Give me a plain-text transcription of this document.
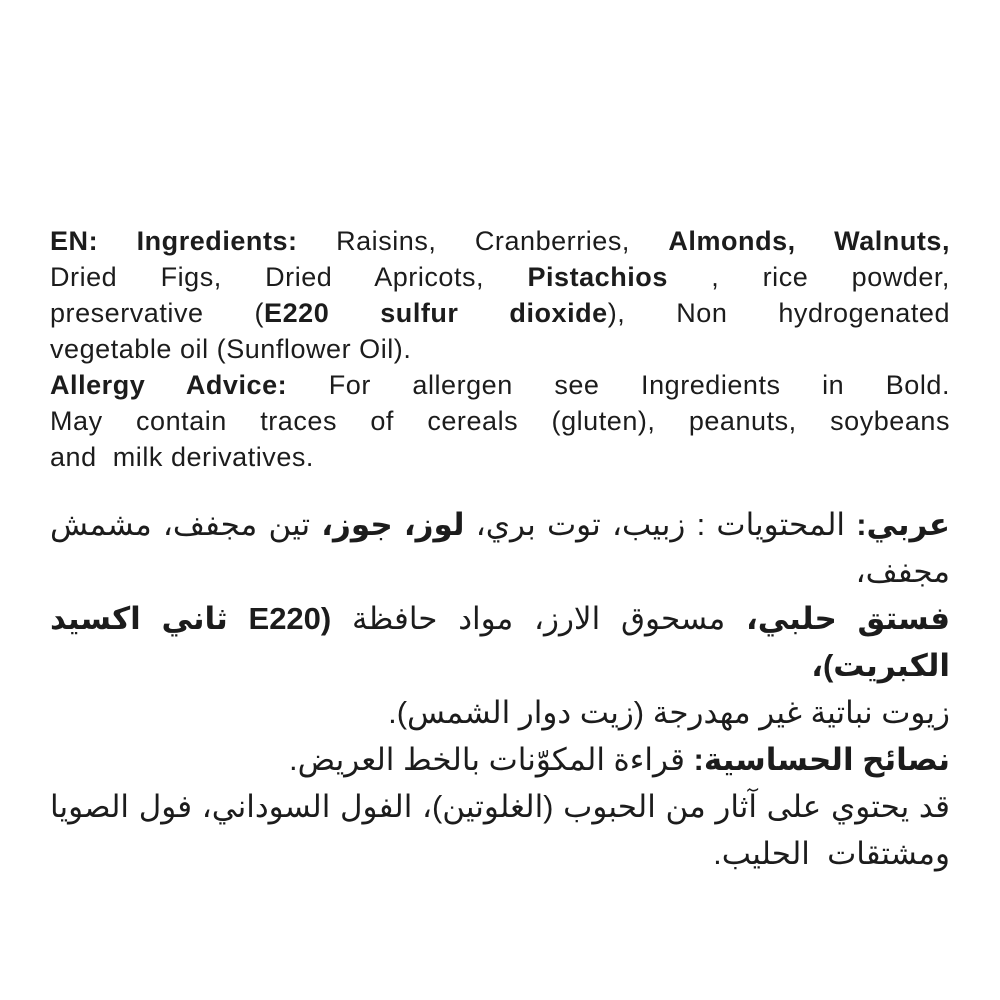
EN: Ingredients: Raisins, Cranberries, Almonds, Walnuts,
Dried Figs, Dried Apricots, Pistachios , rice powder,
preservative (E220 sulfur dioxide), Non hydrogenated
vegetable oil (Sunflower Oil).
Allergy Advice: For allergen see Ingredients in Bold.
May contain traces of cereals (gluten), peanuts, soybeans
and  milk derivatives.
عربي: المحتويات : زبيب، توت بري، لوز، جوز، تين مجفف، مشمش مجفف،
فستق حلبي، مسحوق الارز، مواد حافظة (E220 ثاني اكسيد الكبريت)،
زيوت نباتية غير مهدرجة (زيت دوار الشمس).
نصائح الحساسية: قراءة المكوّنات بالخط العريض.
قد يحتوي على آثار من الحبوب (الغلوتين)، الفول السوداني، فول الصويا
ومشتقات  الحليب.
